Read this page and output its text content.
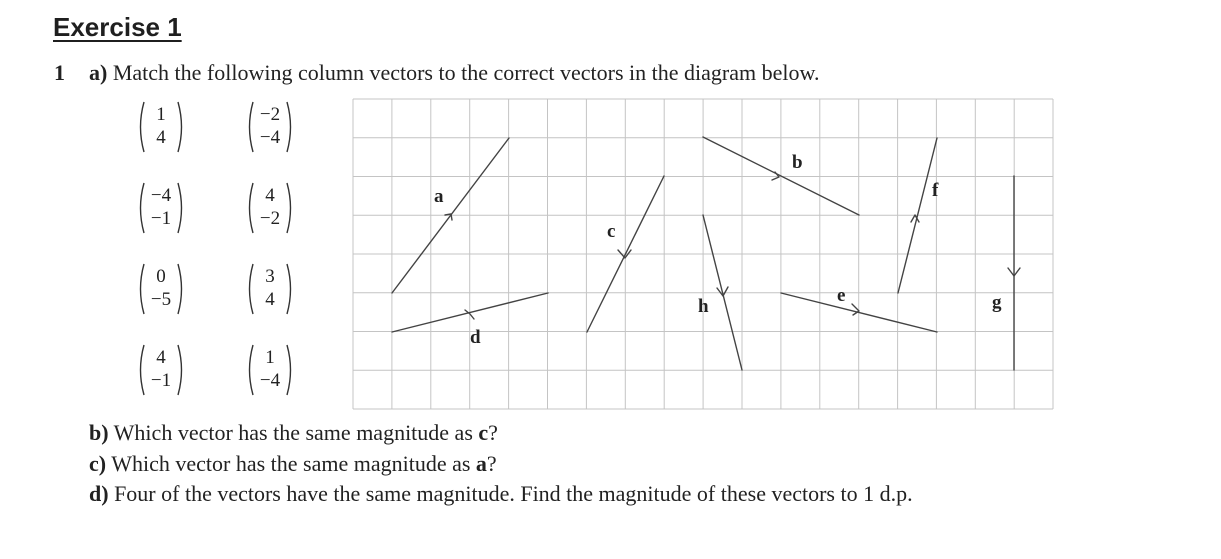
Exercise 1
1 a) Match the following column vectors to the correct vectors in the diagram below.
1
4
−2
−4
−4
−1
4
−2
0
−5
3
4
4
−1
1
−4
a
b
c
d
e
f
g
h
b) Which vector has the same magnitude as c?
c) Which vector has the same magnitude as a?
d) Four of the vectors have the same magnitude. Find the magnitude of these vectors to 1 d.p.
